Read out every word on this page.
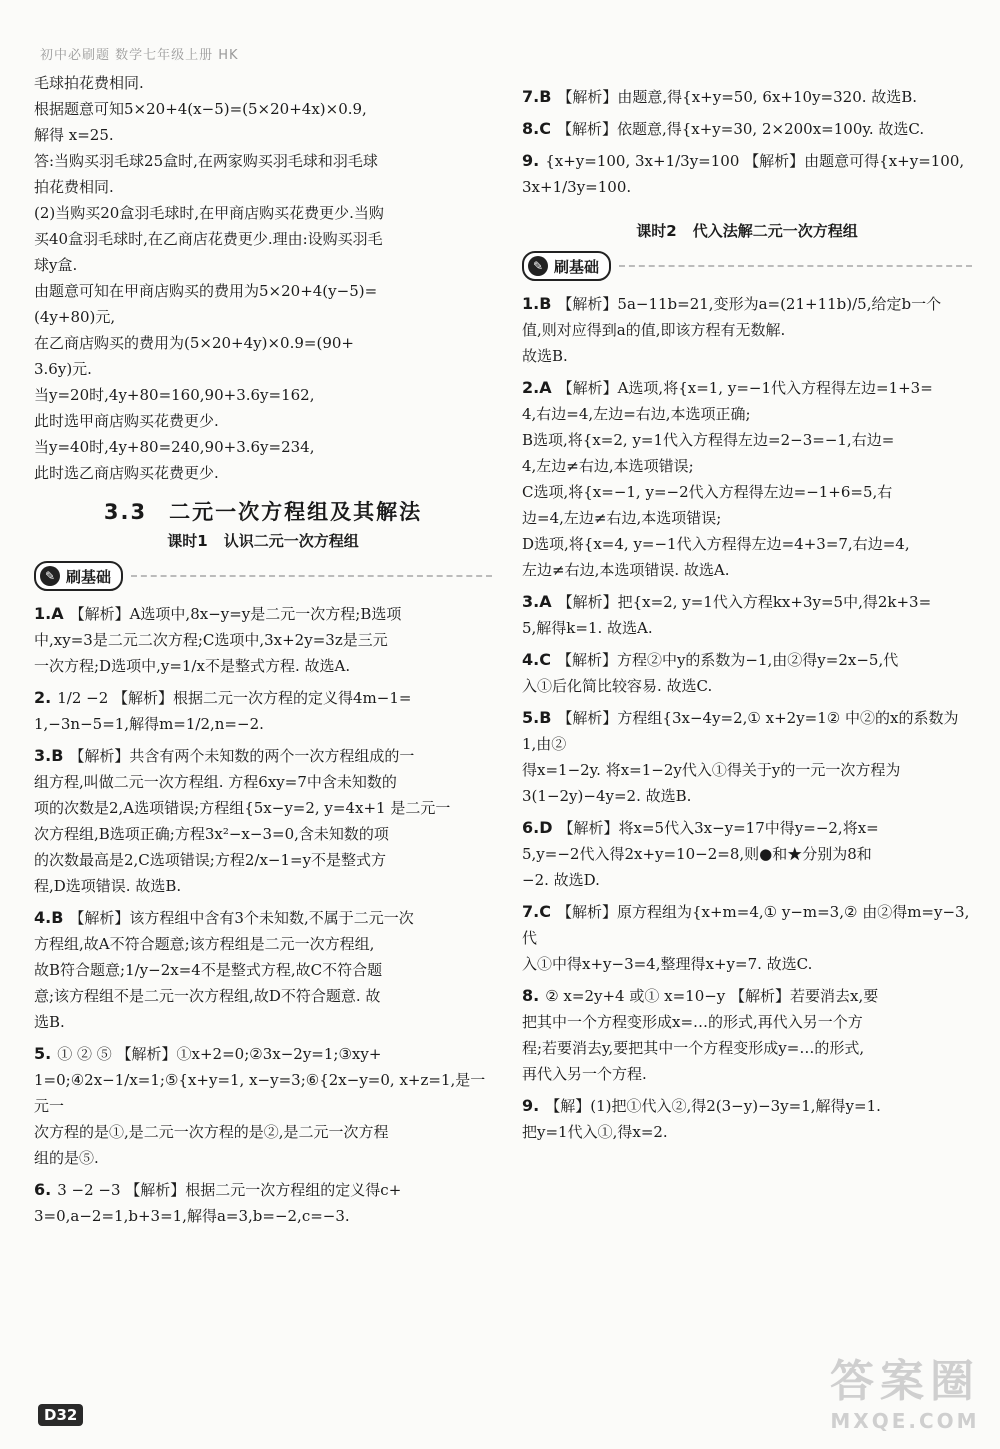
初中必刷题 数学七年级上册 HK
毛球拍花费相同.
根据题意可知5×20+4(x−5)=(5×20+4x)×0.9,
解得 x=25.
答:当购买羽毛球25盒时,在两家购买羽毛球和羽毛球
拍花费相同.
(2)当购买20盒羽毛球时,在甲商店购买花费更少.当购
买40盒羽毛球时,在乙商店花费更少.理由:设购买羽毛
球y盒.
由题意可知在甲商店购买的费用为5×20+4(y−5)=
(4y+80)元,
在乙商店购买的费用为(5×20+4y)×0.9=(90+
3.6y)元.
当y=20时,4y+80=160,90+3.6y=162,
此时选甲商店购买花费更少.
当y=40时,4y+80=240,90+3.6y=234,
此时选乙商店购买花费更少.
3.3 二元一次方程组及其解法
课时1 认识二元一次方程组
✎ 刷基础
1.A 【解析】A选项中,8x−y=y是二元一次方程;B选项
中,xy=3是二元二次方程;C选项中,3x+2y=3z是三元
一次方程;D选项中,y=1/x不是整式方程. 故选A.
2. 1/2 −2 【解析】根据二元一次方程的定义得4m−1=
1,−3n−5=1,解得m=1/2,n=−2.
3.B 【解析】共含有两个未知数的两个一次方程组成的一
组方程,叫做二元一次方程组. 方程6xy=7中含未知数的
项的次数是2,A选项错误;方程组{5x−y=2, y=4x+1 是二元一
次方程组,B选项正确;方程3x²−x−3=0,含未知数的项
的次数最高是2,C选项错误;方程2/x−1=y不是整式方
程,D选项错误. 故选B.
4.B 【解析】该方程组中含有3个未知数,不属于二元一次
方程组,故A不符合题意;该方程组是二元一次方程组,
故B符合题意;1/y−2x=4不是整式方程,故C不符合题
意;该方程组不是二元一次方程组,故D不符合题意. 故
选B.
5. ① ② ⑤ 【解析】①x+2=0;②3x−2y=1;③xy+
1=0;④2x−1/x=1;⑤{x+y=1, x−y=3;⑥{2x−y=0, x+z=1,是一元一
次方程的是①,是二元一次方程的是②,是二元一次方程
组的是⑤.
6. 3 −2 −3 【解析】根据二元一次方程组的定义得c+
3=0,a−2=1,b+3=1,解得a=3,b=−2,c=−3.
7.B 【解析】由题意,得{x+y=50, 6x+10y=320. 故选B.
8.C 【解析】依题意,得{x+y=30, 2×200x=100y. 故选C.
9. {x+y=100, 3x+1/3y=100 【解析】由题意可得{x+y=100, 3x+1/3y=100.
课时2 代入法解二元一次方程组
✎ 刷基础
1.B 【解析】5a−11b=21,变形为a=(21+11b)/5,给定b一个
值,则对应得到a的值,即该方程有无数解.
故选B.
2.A 【解析】A选项,将{x=1, y=−1代入方程得左边=1+3=
4,右边=4,左边=右边,本选项正确;
B选项,将{x=2, y=1代入方程得左边=2−3=−1,右边=
4,左边≠右边,本选项错误;
C选项,将{x=−1, y=−2代入方程得左边=−1+6=5,右
边=4,左边≠右边,本选项错误;
D选项,将{x=4, y=−1代入方程得左边=4+3=7,右边=4,
左边≠右边,本选项错误. 故选A.
3.A 【解析】把{x=2, y=1代入方程kx+3y=5中,得2k+3=
5,解得k=1. 故选A.
4.C 【解析】方程②中y的系数为−1,由②得y=2x−5,代
入①后化简比较容易. 故选C.
5.B 【解析】方程组{3x−4y=2,① x+2y=1② 中②的x的系数为1,由②
得x=1−2y. 将x=1−2y代入①得关于y的一元一次方程为
3(1−2y)−4y=2. 故选B.
6.D 【解析】将x=5代入3x−y=17中得y=−2,将x=
5,y=−2代入得2x+y=10−2=8,则●和★分别为8和
−2. 故选D.
7.C 【解析】原方程组为{x+m=4,① y−m=3,② 由②得m=y−3,代
入①中得x+y−3=4,整理得x+y=7. 故选C.
8. ② x=2y+4 或① x=10−y 【解析】若要消去x,要
把其中一个方程变形成x=…的形式,再代入另一个方
程;若要消去y,要把其中一个方程变形成y=…的形式,
再代入另一个方程.
9. 【解】(1)把①代入②,得2(3−y)−3y=1,解得y=1.
把y=1代入①,得x=2.
D32
答案圈
MXQE.COM
